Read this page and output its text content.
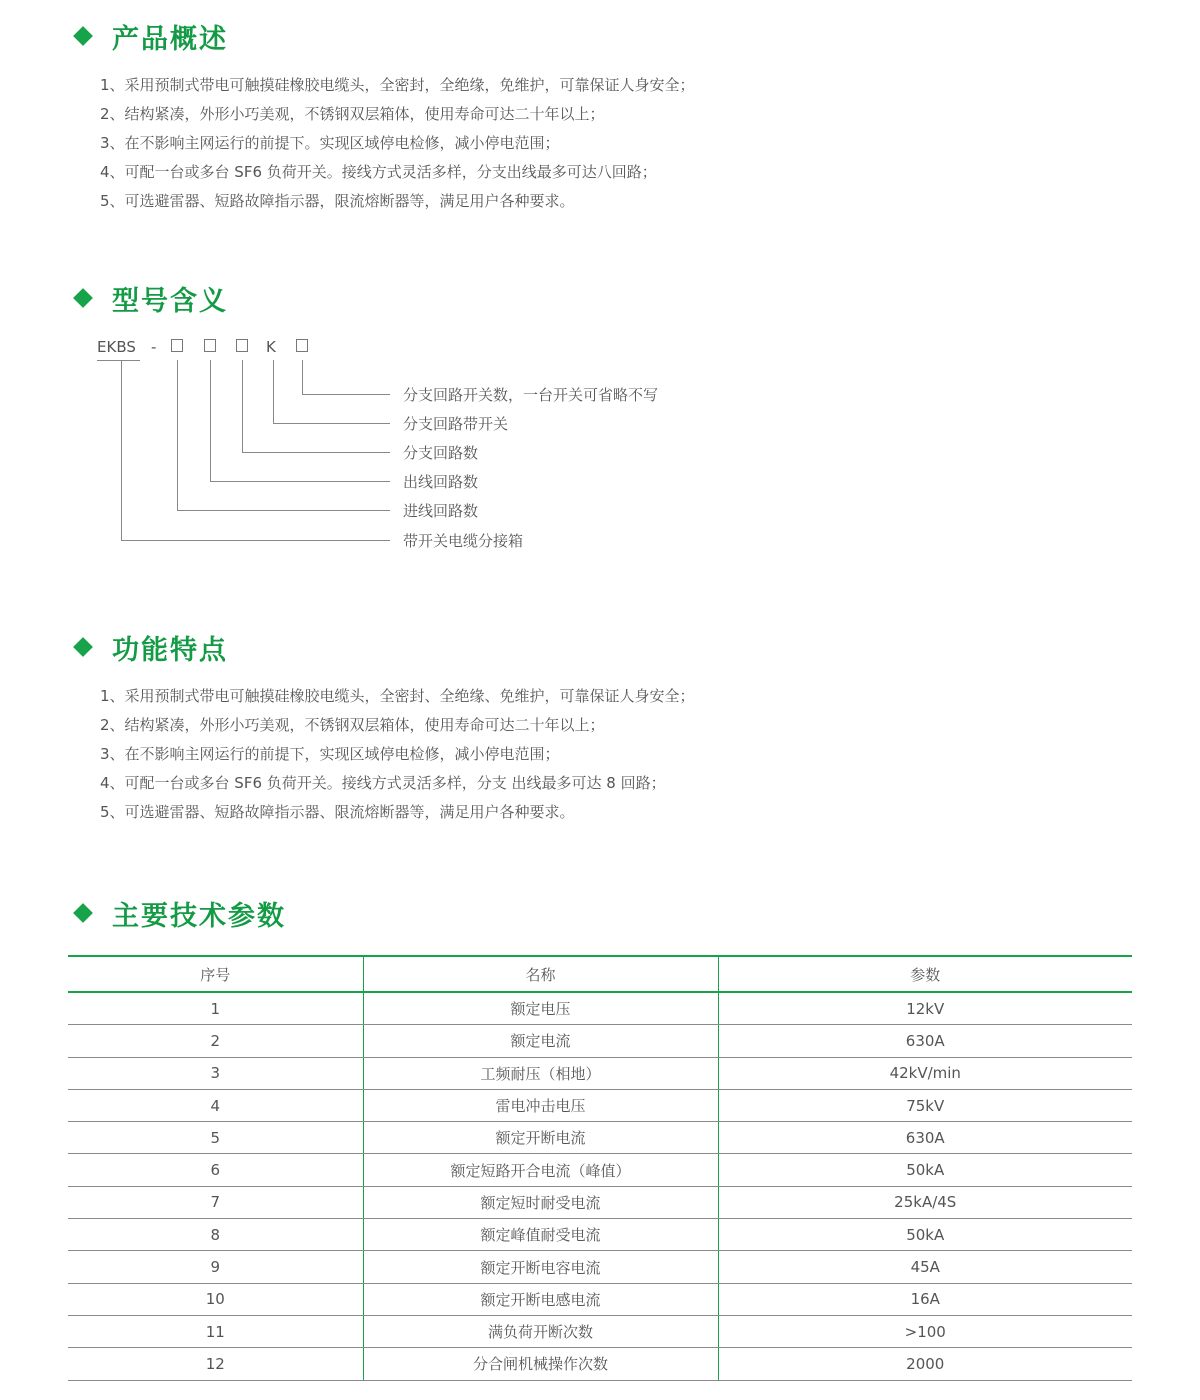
产品概述
1、采用预制式带电可触摸硅橡胶电缆头，全密封，全绝缘，免维护，可靠保证人身安全；
2、结构紧凑，外形小巧美观，不锈钢双层箱体，使用寿命可达二十年以上；
3、在不影响主网运行的前提下。实现区域停电检修，减小停电范围；
4、可配一台或多台 SF6 负荷开关。接线方式灵活多样，分支出线最多可达八回路；
5、可选避雷器、短路故障指示器，限流熔断器等，满足用户各种要求。
型号含义
EKBS -	K
分支回路开关数，一台开关可省略不写
分支回路带开关
分支回路数
出线回路数
进线回路数
带开关电缆分接箱
功能特点
1、采用预制式带电可触摸硅橡胶电缆头，全密封、全绝缘、免维护，可靠保证人身安全；
2、结构紧凑，外形小巧美观，不锈钢双层箱体，使用寿命可达二十年以上；
3、在不影响主网运行的前提下，实现区域停电检修，减小停电范围；
4、可配一台或多台 SF6 负荷开关。接线方式灵活多样，分支 出线最多可达 8 回路；
5、可选避雷器、短路故障指示器、限流熔断器等，满足用户各种要求。
主要技术参数
序号	名称	参数
1	额定电压	12kV
2	额定电流	630A
3	工频耐压（相地）	42kV/min
4	雷电冲击电压	75kV
5	额定开断电流	630A
6	额定短路开合电流（峰值）	50kA
7	额定短时耐受电流	25kA/4S
8	额定峰值耐受电流	50kA
9	额定开断电容电流	45A
10	额定开断电感电流	16A
11	满负荷开断次数	>100
12	分合闸机械操作次数	2000
